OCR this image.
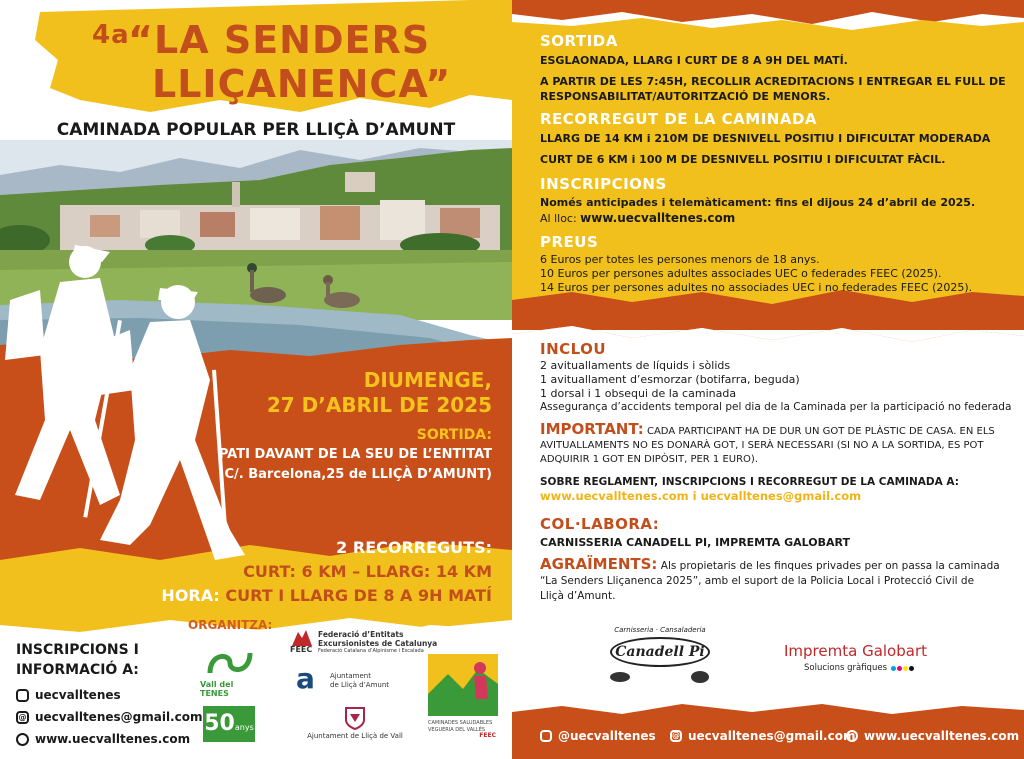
4a
“LA SENDERS
LLIÇANENCA”
CAMINADA POPULAR PER LLIÇÀ D’AMUNT
DIUMENGE,
27 D’ABRIL DE 2025
SORTIDA:
PATI DAVANT DE LA SEU DE L’ENTITAT
C/. Barcelona,25 de LLIÇÀ D’AMUNT)
2 RECORREGUTS:
CURT: 6 KM – LLARG: 14 KM
HORA: CURT I LLARG DE 8 A 9H MATÍ
ORGANITZA:
INSCRIPCIONS I
INFORMACIÓ A:
uecvalltenes
@ uecvalltenes@gmail.com
www.uecvalltenes.com
Vall del TENES
50anys
FEEC
Federació d’Entitats
Excursionistes de Catalunya
Federació Catalana d’Alpinisme i Escalada
a	Ajuntament
de Lliçà d’Amunt
Ajuntament de Lliçà de Vall
CAMINADES SALUDABLES
VEGUERIA DEL VALLÈS
FEEC
SORTIDA
ESGLAONADA, LLARG I CURT DE 8 A 9H DEL MATÍ.
A PARTIR DE LES 7:45H, RECOLLIR ACREDITACIONS I ENTREGAR EL FULL DE RESPONSABILITAT/AUTORITZACIÓ DE MENORS.
RECORREGUT DE LA CAMINADA
LLARG DE 14 KM i 210M DE DESNIVELL POSITIU I DIFICULTAT MODERADA
CURT DE 6 KM i 100 M DE DESNIVELL POSITIU I DIFICULTAT FÀCIL.
INSCRIPCIONS
Només anticipades i telemàticament: fins el dijous 24 d’abril de 2025.
Al lloc: www.uecvalltenes.com
PREUS
6 Euros per totes les persones menors de 18 anys.
10 Euros per persones adultes associades UEC o federades FEEC (2025).
14 Euros per persones adultes no associades UEC i no federades FEEC (2025).
INCLOU
2 avituallaments de líquids i sòlids
1 avituallament d’esmorzar (botifarra, beguda)
1 dorsal i 1 obsequi de la caminada
Assegurança d’accidents temporal pel dia de la Caminada per la participació no federada
IMPORTANT: CADA PARTICIPANT HA DE DUR UN GOT DE PLÀSTIC DE CASA. EN ELS AVITUALLAMENTS NO ES DONARÀ GOT, I SERÀ NECESSARI (SI NO A LA SORTIDA, ES POT ADQUIRIR 1 GOT EN DIPÒSIT, PER 1 EURO).
SOBRE REGLAMENT, INSCRIPCIONS I RECORREGUT DE LA CAMINADA A:
www.uecvalltenes.com i uecvalltenes@gmail.com
COL·LABORA:
CARNISSERIA CANADELL PI, IMPREMTA GALOBART
AGRAÏMENTS: Als propietaris de les finques privades per on passa la caminada “La Senders Lliçanenca 2025”, amb el suport de la Policia Local i Protecció Civil de Lliçà d’Amunt.
Carnisseria · Cansaladeria
Canadell Pi	Impremta Galobart
Solucions gràfiques
@uecvalltenes @ uecvalltenes@gmail.com www.uecvalltenes.com
